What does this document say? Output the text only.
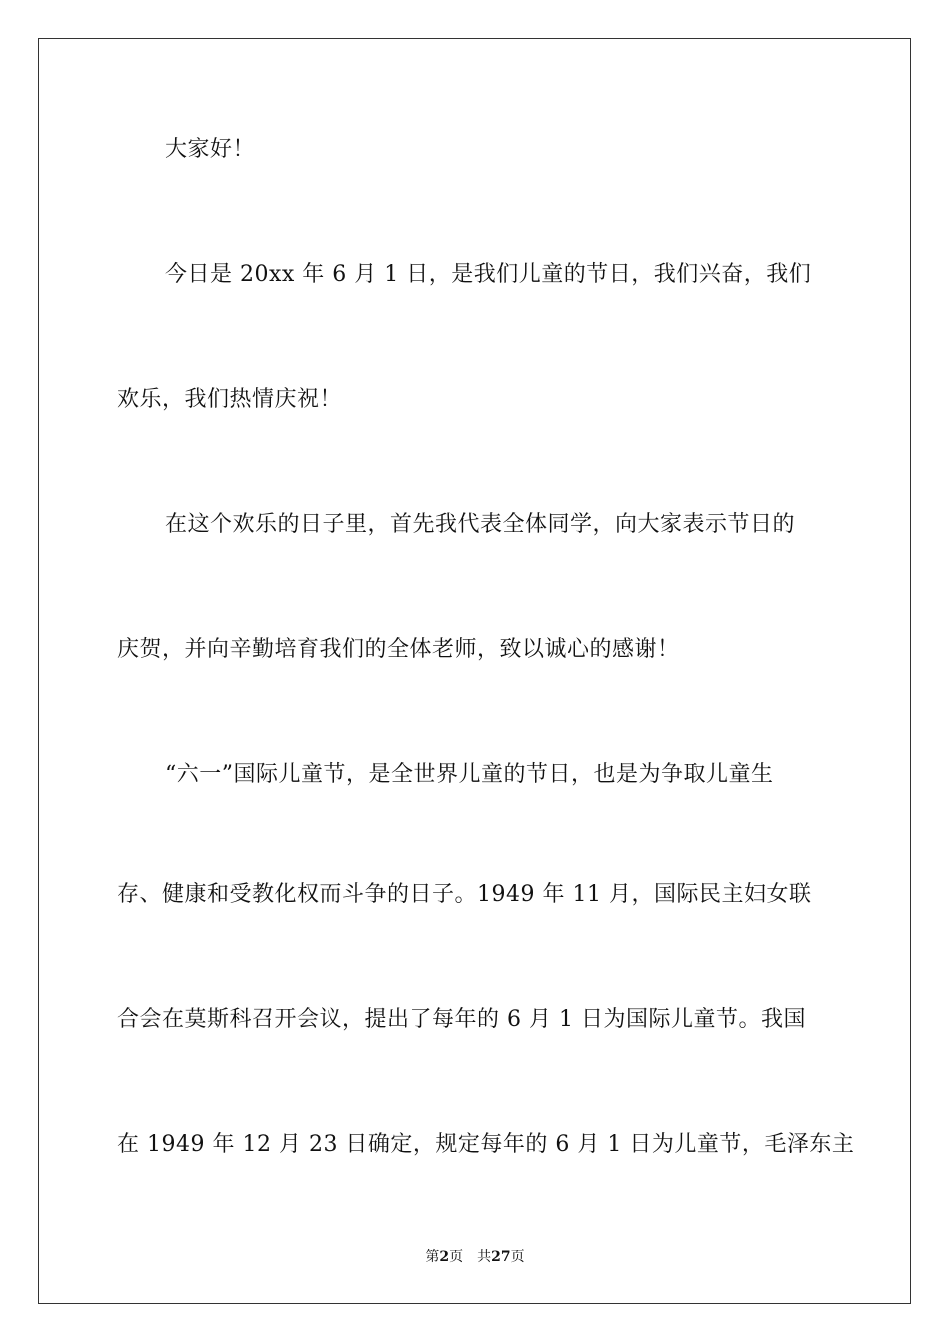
大家好！
今日是 20xx 年 6 月 1 日，是我们儿童的节日，我们兴奋，我们
欢乐，我们热情庆祝！
在这个欢乐的日子里，首先我代表全体同学，向大家表示节日的
庆贺，并向辛勤培育我们的全体老师，致以诚心的感谢！
“六一”国际儿童节，是全世界儿童的节日，也是为争取儿童生
存、健康和受教化权而斗争的日子。1949 年 11 月，国际民主妇女联
合会在莫斯科召开会议，提出了每年的 6 月 1 日为国际儿童节。我国
在 1949 年 12 月 23 日确定，规定每年的 6 月 1 日为儿童节，毛泽东主
第2页 共27页
